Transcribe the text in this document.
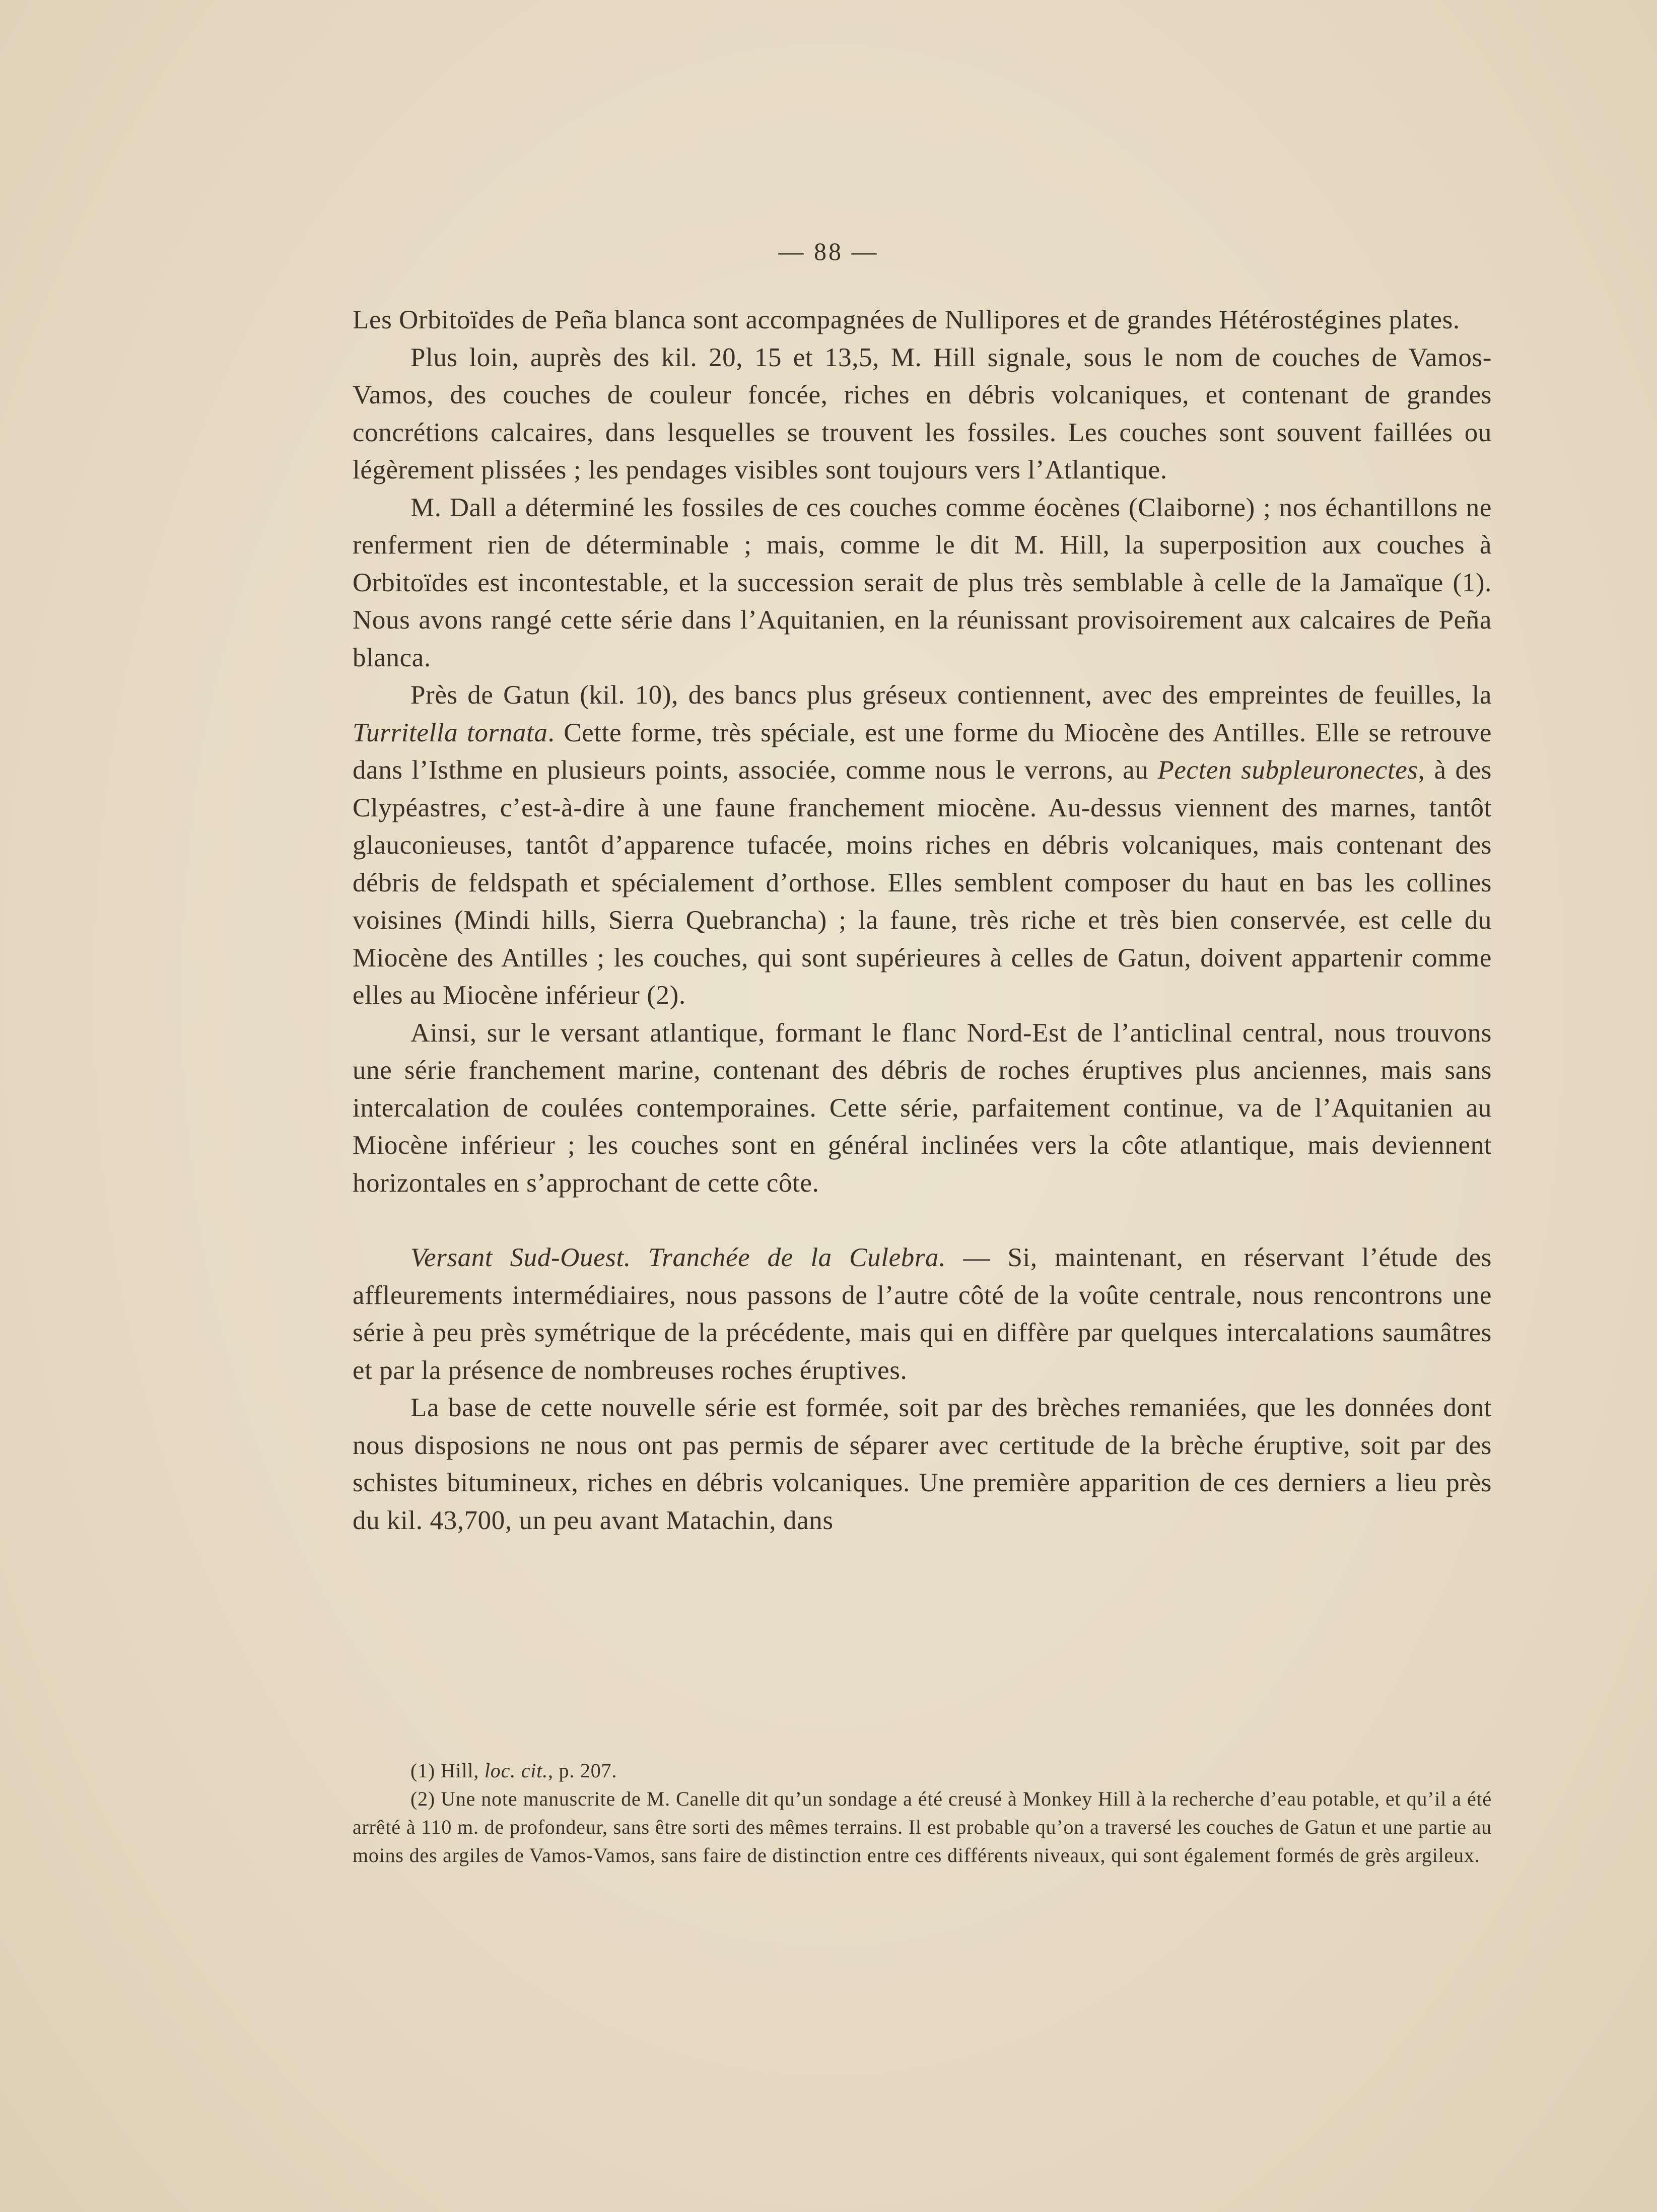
— 88 —

Les Orbitoïdes de Peña blanca sont accompagnées de Nullipores et de grandes Hétérostégines plates.

Plus loin, auprès des kil. 20, 15 et 13,5, M. Hill signale, sous le nom de couches de Vamos-Vamos, des couches de couleur foncée, riches en débris volcaniques, et contenant de grandes concrétions calcaires, dans lesquelles se trouvent les fossiles. Les couches sont souvent faillées ou légèrement plissées ; les pendages visibles sont toujours vers l’Atlantique.

M. Dall a déterminé les fossiles de ces couches comme éocènes (Claiborne) ; nos échantillons ne renferment rien de déterminable ; mais, comme le dit M. Hill, la superposition aux couches à Orbitoïdes est incontestable, et la succession serait de plus très semblable à celle de la Jamaïque (1). Nous avons rangé cette série dans l’Aquitanien, en la réunissant provisoirement aux calcaires de Peña blanca.

Près de Gatun (kil. 10), des bancs plus gréseux contiennent, avec des empreintes de feuilles, la Turritella tornata. Cette forme, très spéciale, est une forme du Miocène des Antilles. Elle se retrouve dans l’Isthme en plusieurs points, associée, comme nous le verrons, au Pecten subpleuronectes, à des Clypéastres, c’est-à-dire à une faune franchement miocène. Au-dessus viennent des marnes, tantôt glauconieuses, tantôt d’apparence tufacée, moins riches en débris volcaniques, mais contenant des débris de feldspath et spécialement d’orthose. Elles semblent composer du haut en bas les collines voisines (Mindi hills, Sierra Quebrancha) ; la faune, très riche et très bien conservée, est celle du Miocène des Antilles ; les couches, qui sont supérieures à celles de Gatun, doivent appartenir comme elles au Miocène inférieur (2).

Ainsi, sur le versant atlantique, formant le flanc Nord-Est de l’anticlinal central, nous trouvons une série franchement marine, contenant des débris de roches éruptives plus anciennes, mais sans intercalation de coulées contemporaines. Cette série, parfaitement continue, va de l’Aquitanien au Miocène inférieur ; les couches sont en général inclinées vers la côte atlantique, mais deviennent horizontales en s’approchant de cette côte.

Versant Sud-Ouest. Tranchée de la Culebra. — Si, maintenant, en réservant l’étude des affleurements intermédiaires, nous passons de l’autre côté de la voûte centrale, nous rencontrons une série à peu près symétrique de la précédente, mais qui en diffère par quelques intercalations saumâtres et par la présence de nombreuses roches éruptives.

La base de cette nouvelle série est formée, soit par des brèches remaniées, que les données dont nous disposions ne nous ont pas permis de séparer avec certitude de la brèche éruptive, soit par des schistes bitumineux, riches en débris volcaniques. Une première apparition de ces derniers a lieu près du kil. 43,700, un peu avant Matachin, dans

(1) Hill, loc. cit., p. 207.

(2) Une note manuscrite de M. Canelle dit qu’un sondage a été creusé à Monkey Hill à la recherche d’eau potable, et qu’il a été arrêté à 110 m. de profondeur, sans être sorti des mêmes terrains. Il est probable qu’on a traversé les couches de Gatun et une partie au moins des argiles de Vamos-Vamos, sans faire de distinction entre ces différents niveaux, qui sont également formés de grès argileux.
